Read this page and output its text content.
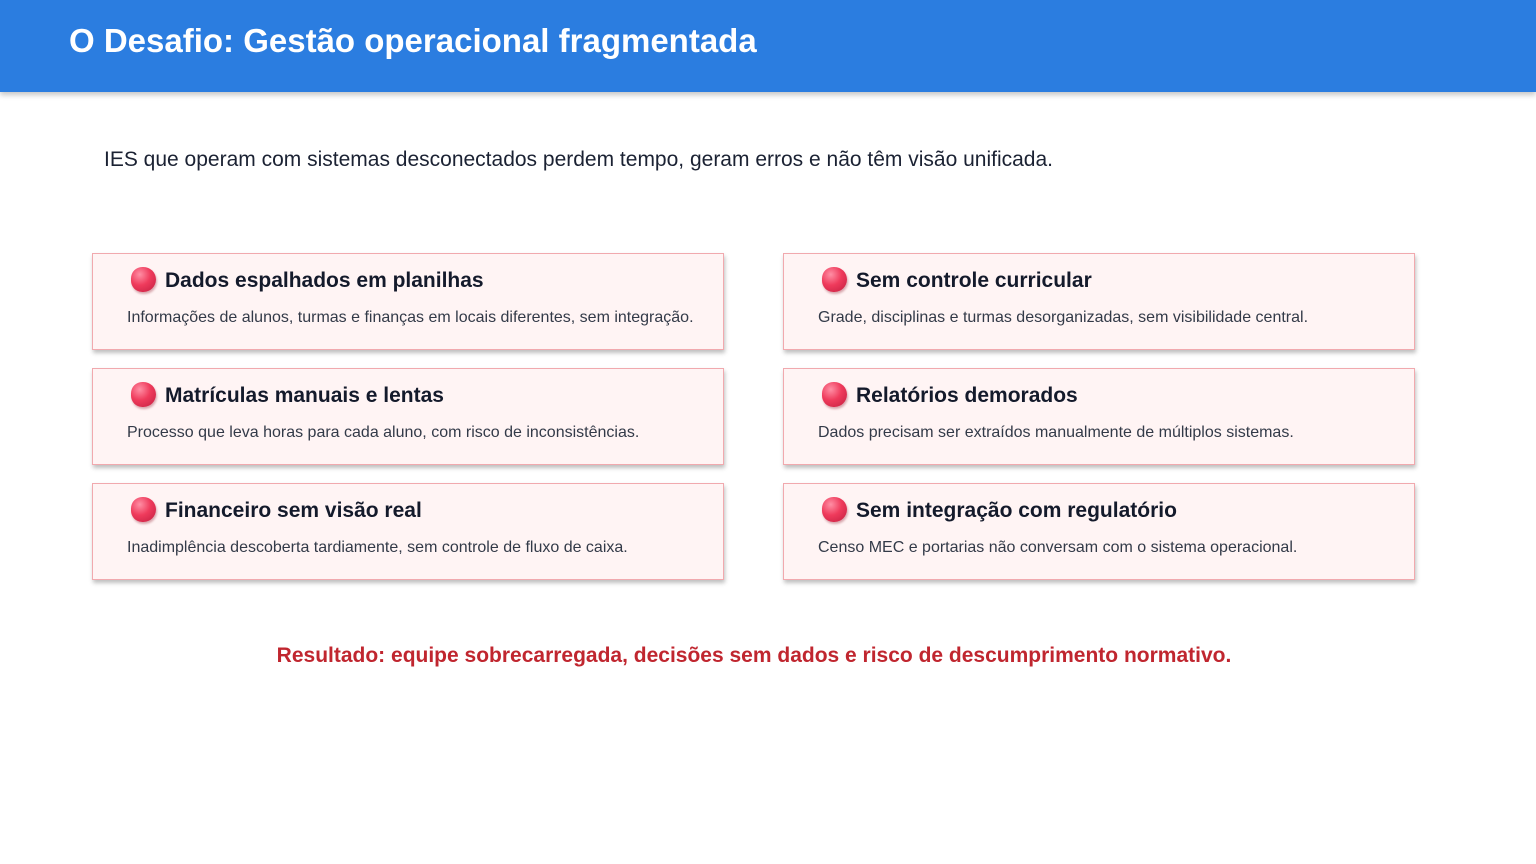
O Desafio: Gestão operacional fragmentada

IES que operam com sistemas desconectados perdem tempo, geram erros e não têm visão unificada.

Dados espalhados em planilhas

Informações de alunos, turmas e finanças em locais diferentes, sem integração.

Sem controle curricular

Grade, disciplinas e turmas desorganizadas, sem visibilidade central.

Matrículas manuais e lentas

Processo que leva horas para cada aluno, com risco de inconsistências.

Relatórios demorados

Dados precisam ser extraídos manualmente de múltiplos sistemas.

Financeiro sem visão real

Inadimplência descoberta tardiamente, sem controle de fluxo de caixa.

Sem integração com regulatório

Censo MEC e portarias não conversam com o sistema operacional.

Resultado: equipe sobrecarregada, decisões sem dados e risco de descumprimento normativo.
